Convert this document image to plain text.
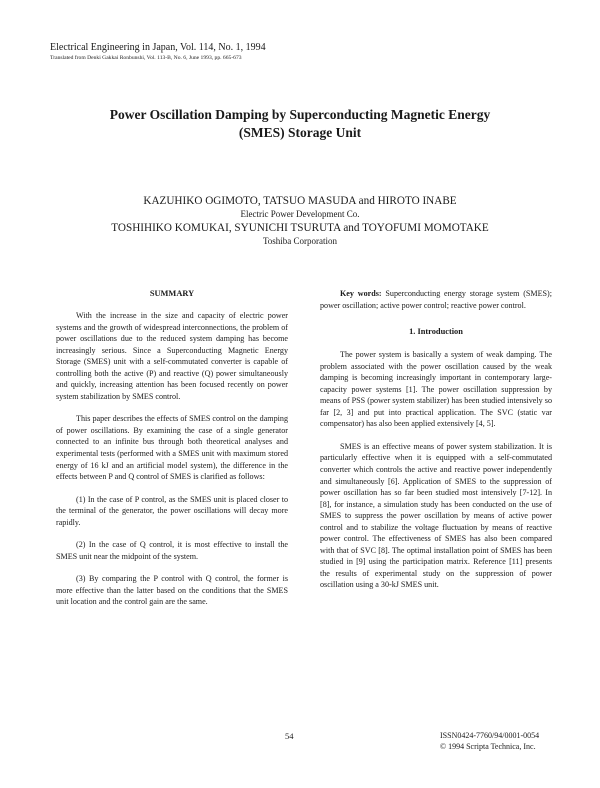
Electrical Engineering in Japan, Vol. 114, No. 1, 1994
Translated from Denki Gakkai Ronbunshi, Vol. 113-B, No. 6, June 1993, pp. 665-673
Power Oscillation Damping by Superconducting Magnetic Energy
(SMES) Storage Unit
KAZUHIKO OGIMOTO, TATSUO MASUDA and HIROTO INABE
Electric Power Development Co.
TOSHIHIKO KOMUKAI, SYUNICHI TSURUTA and TOYOFUMI MOMOTAKE
Toshiba Corporation
SUMMARY

With the increase in the size and capacity of electric power systems and the growth of widespread interconnections, the problem of power oscillations due to the reduced system damping has become increasingly serious. Since a Superconducting Magnetic Energy Storage (SMES) unit with a self-commutated converter is capable of controlling both the active (P) and reactive (Q) power simultaneously and quickly, increasing attention has been focused recently on power system stabilization by SMES control.

This paper describes the effects of SMES control on the damping of power oscillations. By examining the case of a single generator connected to an infinite bus through both theoretical analyses and experimental tests (performed with a SMES unit with maximum stored energy of 16 kJ and an artificial model system), the difference in the effects between P and Q control of SMES is clarified as follows:

(1) In the case of P control, as the SMES unit is placed closer to the terminal of the generator, the power oscillations will decay more rapidly.

(2) In the case of Q control, it is most effective to install the SMES unit near the midpoint of the system.

(3) By comparing the P control with Q control, the former is more effective than the latter based on the conditions that the SMES unit location and the control gain are the same.

Key words: Superconducting energy storage system (SMES); power oscillation; active power control; reactive power control.

1. Introduction

The power system is basically a system of weak damping. The problem associated with the power oscillation caused by the weak damping is becoming increasingly important in contemporary large-capacity power systems [1]. The power oscillation suppression by means of PSS (power system stabilizer) has been studied intensively so far [2, 3] and put into practical application. The SVC (static var compensator) has also been applied extensively [4, 5].

SMES is an effective means of power system stabilization. It is particularly effective when it is equipped with a self-commutated converter which controls the active and reactive power independently and simultaneously [6]. Application of SMES to the suppression of power oscillation has so far been studied most intensively [7-12]. In [8], for instance, a simulation study has been conducted on the use of SMES to suppress the power oscillation by means of active power control and to stabilize the voltage fluctuation by means of reactive power control. The effectiveness of SMES has also been compared with that of SVC [8]. The optimal installation point of SMES has been studied in [9] using the participation matrix. Reference [11] presents the results of experimental study on the suppression of power oscillation using a 30-kJ SMES unit.

54	ISSN0424-7760/94/0001-0054
© 1994 Scripta Technica, Inc.
